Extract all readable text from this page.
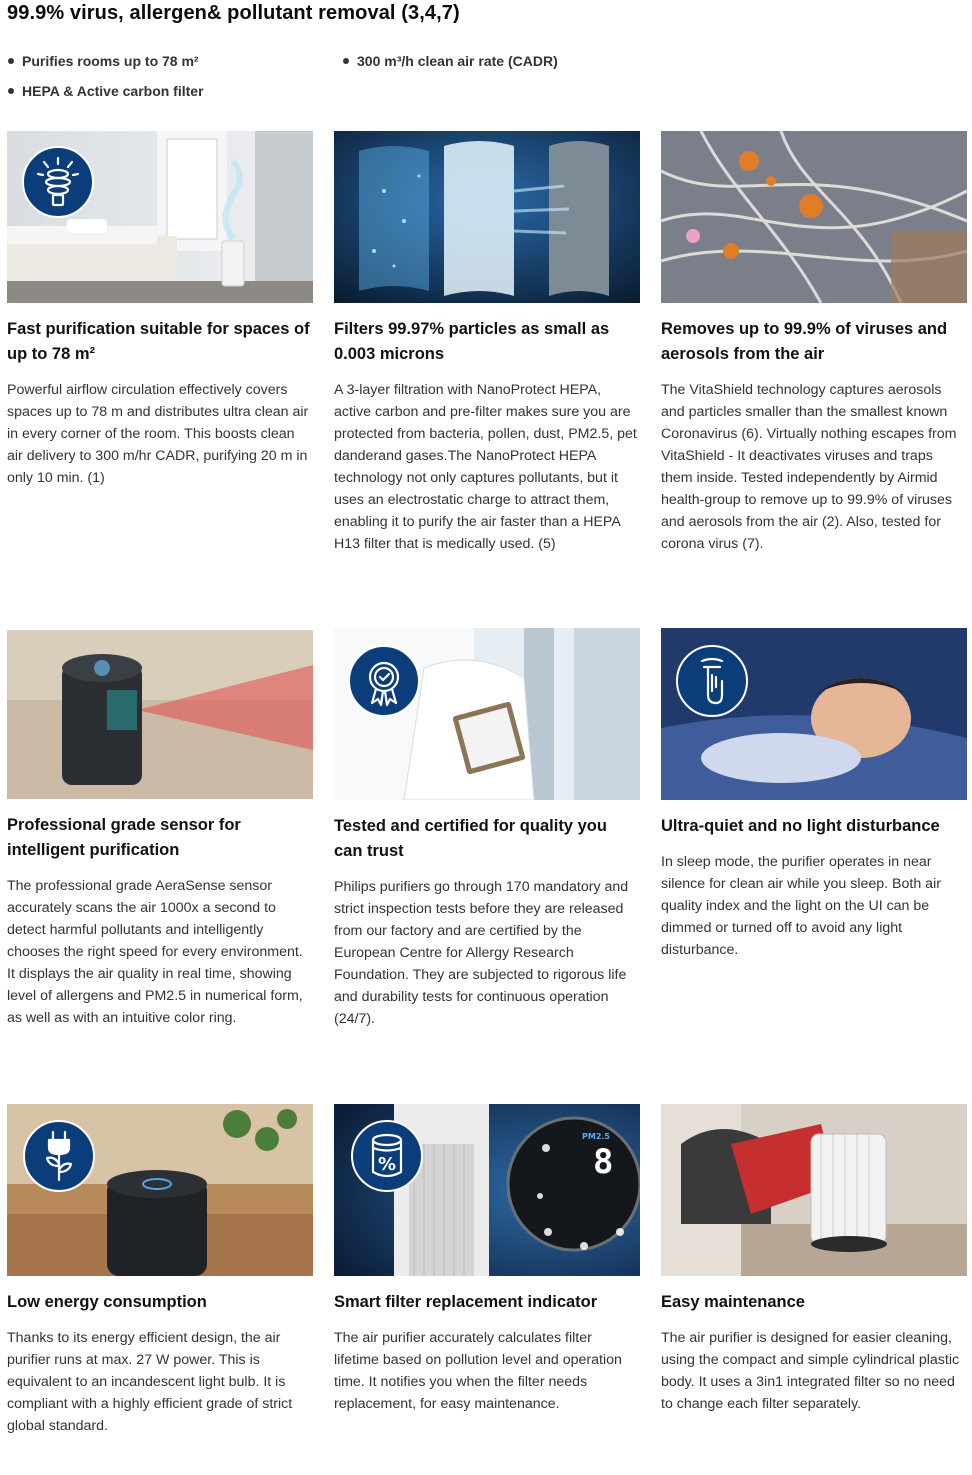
99.9% virus, allergen& pollutant removal (3,4,7)
Purifies rooms up to 78 m²	300 m³/h clean air rate (CADR)
HEPA & Active carbon filter
Fast purification suitable for spaces of
up to 78 m²

Powerful airflow circulation effectively covers spaces up to 78 m and distributes ultra clean air in every corner of the room. This boosts clean air delivery to 300 m/hr CADR, purifying 20 m in only 10 min. (1)

Filters 99.97% particles as small as
0.003 microns

A 3-layer filtration with NanoProtect HEPA, active carbon and pre-filter makes sure you are protected from bacteria, pollen, dust, PM2.5, pet danderand gases.The NanoProtect HEPA technology not only captures pollutants, but it uses an electrostatic charge to attract them, enabling it to purify the air faster than a HEPA H13 filter that is medically used. (5)

Removes up to 99.9% of viruses and
aerosols from the air

The VitaShield technology captures aerosols and particles smaller than the smallest known Coronavirus (6). Virtually nothing escapes from VitaShield - It deactivates viruses and traps them inside. Tested independently by Airmid health-group to remove up to 99.9% of viruses and aerosols from the air (2). Also, tested for corona virus (7).

Professional grade sensor for
intelligent purification

The professional grade AeraSense sensor accurately scans the air 1000x a second to detect harmful pollutants and intelligently chooses the right speed for every environment. It displays the air quality in real time, showing level of allergens and PM2.5 in numerical form, as well as with an intuitive color ring.

Tested and certified for quality you
can trust

Philips purifiers go through 170 mandatory and strict inspection tests before they are released from our factory and are certified by the European Centre for Allergy Research Foundation. They are subjected to rigorous life and durability tests for continuous operation (24/7).

Ultra-quiet and no light disturbance

In sleep mode, the purifier operates in near silence for clean air while you sleep. Both air quality index and the light on the UI can be dimmed or turned off to avoid any light disturbance.

Low energy consumption

Thanks to its energy efficient design, the air purifier runs at max. 27 W power. This is equivalent to an incandescent light bulb. It is compliant with a highly efficient grade of strict global standard.

PM2.5
8
%
Smart filter replacement indicator

The air purifier accurately calculates filter lifetime based on pollution level and operation time. It notifies you when the filter needs replacement, for easy maintenance.

Easy maintenance

The air purifier is designed for easier cleaning, using the compact and simple cylindrical plastic body. It uses a 3in1 integrated filter so no need to change each filter separately.
